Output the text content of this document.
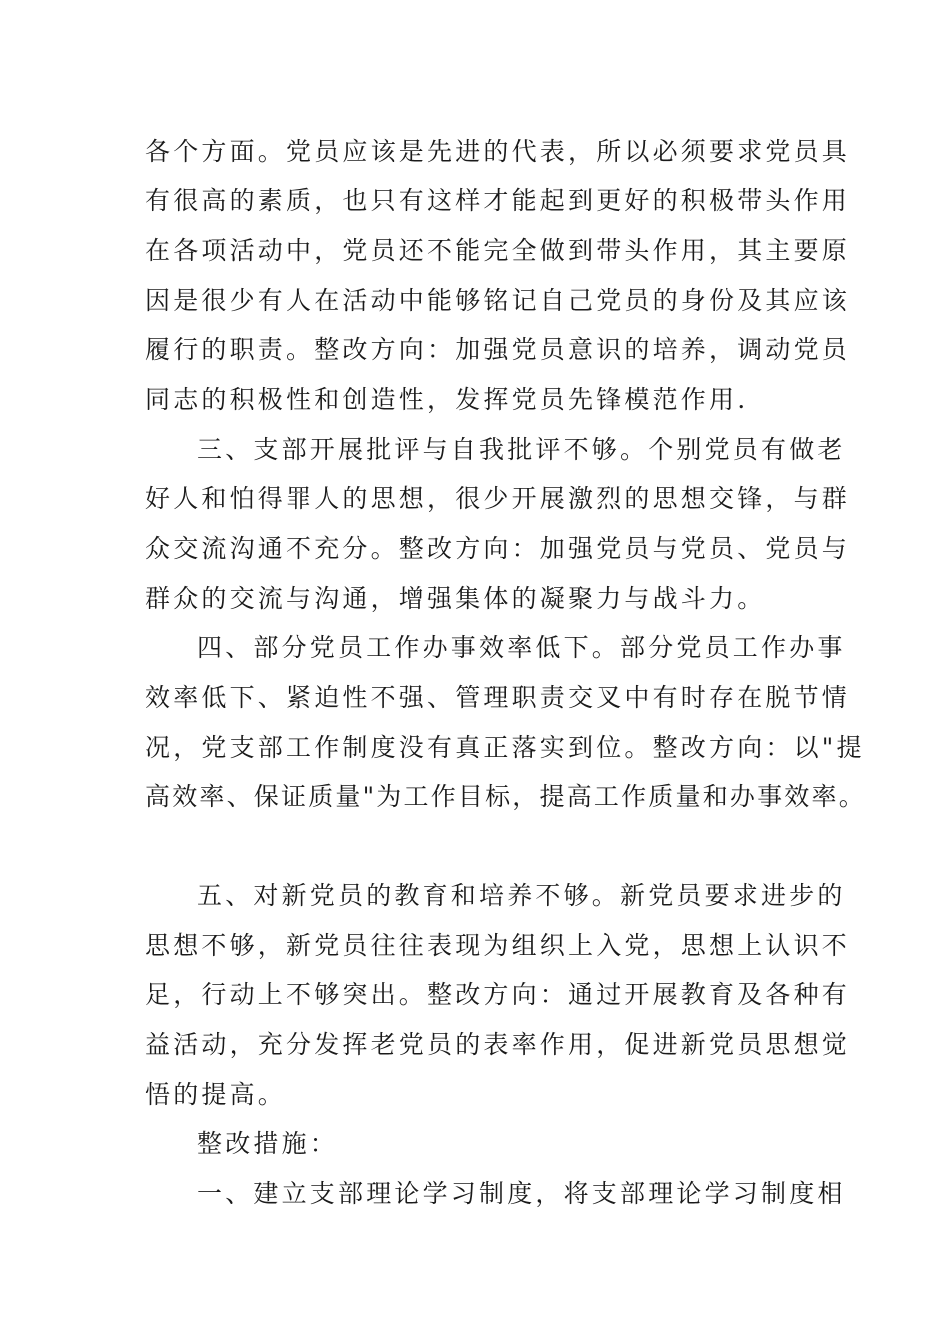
各个方面。党员应该是先进的代表，所以必须要求党员具
有很高的素质，也只有这样才能起到更好的积极带头作用
在各项活动中，党员还不能完全做到带头作用，其主要原
因是很少有人在活动中能够铭记自己党员的身份及其应该
履行的职责。整改方向：加强党员意识的培养，调动党员
同志的积极性和创造性，发挥党员先锋模范作用.
三、支部开展批评与自我批评不够。个别党员有做老
好人和怕得罪人的思想，很少开展激烈的思想交锋，与群
众交流沟通不充分。整改方向：加强党员与党员、党员与
群众的交流与沟通，增强集体的凝聚力与战斗力。
四、部分党员工作办事效率低下。部分党员工作办事
效率低下、紧迫性不强、管理职责交叉中有时存在脱节情
况，党支部工作制度没有真正落实到位。整改方向：以"提
高效率、保证质量"为工作目标，提高工作质量和办事效率。
五、对新党员的教育和培养不够。新党员要求进步的
思想不够，新党员往往表现为组织上入党，思想上认识不
足，行动上不够突出。整改方向：通过开展教育及各种有
益活动，充分发挥老党员的表率作用，促进新党员思想觉
悟的提高。
整改措施：
一、建立支部理论学习制度，将支部理论学习制度相
